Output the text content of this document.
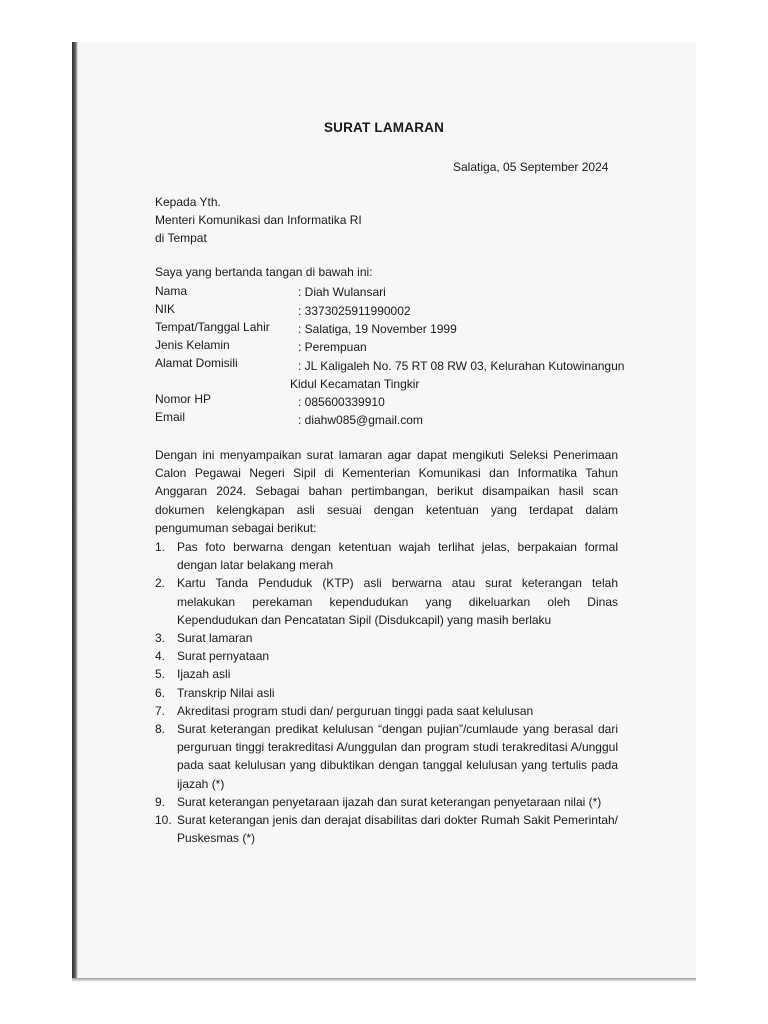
SURAT LAMARAN
Salatiga, 05 September 2024
Kepada Yth.
Menteri Komunikasi dan Informatika RI
di Tempat
Saya yang bertanda tangan di bawah ini:
Nama	: Diah Wulansari
NIK	: 3373025911990002
Tempat/Tanggal Lahir : Salatiga, 19 November 1999
Jenis Kelamin	: Perempuan
Alamat Domisili	: JL Kaligaleh No. 75 RT 08 RW 03, Kelurahan Kutowinangun
Kidul Kecamatan Tingkir
Nomor HP	: 085600339910
Email	: diahw085@gmail.com
Dengan ini menyampaikan surat lamaran agar dapat mengikuti Seleksi Penerimaan Calon Pegawai Negeri Sipil di Kementerian Komunikasi dan Informatika Tahun Anggaran 2024. Sebagai bahan pertimbangan, berikut disampaikan hasil scan dokumen kelengkapan asli sesuai dengan ketentuan yang terdapat dalam pengumuman sebagai berikut:
1. Pas foto berwarna dengan ketentuan wajah terlihat jelas, berpakaian formal dengan latar belakang merah
2. Kartu Tanda Penduduk (KTP) asli berwarna atau surat keterangan telah melakukan perekaman kependudukan yang dikeluarkan oleh Dinas Kependudukan dan Pencatatan Sipil (Disdukcapil) yang masih berlaku
3. Surat lamaran
4. Surat pernyataan
5. Ijazah asli
6. Transkrip Nilai asli
7. Akreditasi program studi dan/ perguruan tinggi pada saat kelulusan
8. Surat keterangan predikat kelulusan “dengan pujian”/cumlaude yang berasal dari perguruan tinggi terakreditasi A/unggulan dan program studi terakreditasi A/unggul pada saat kelulusan yang dibuktikan dengan tanggal kelulusan yang tertulis pada ijazah (*)
9. Surat keterangan penyetaraan ijazah dan surat keterangan penyetaraan nilai (*)
10. Surat keterangan jenis dan derajat disabilitas dari dokter Rumah Sakit Pemerintah/ Puskesmas (*)
